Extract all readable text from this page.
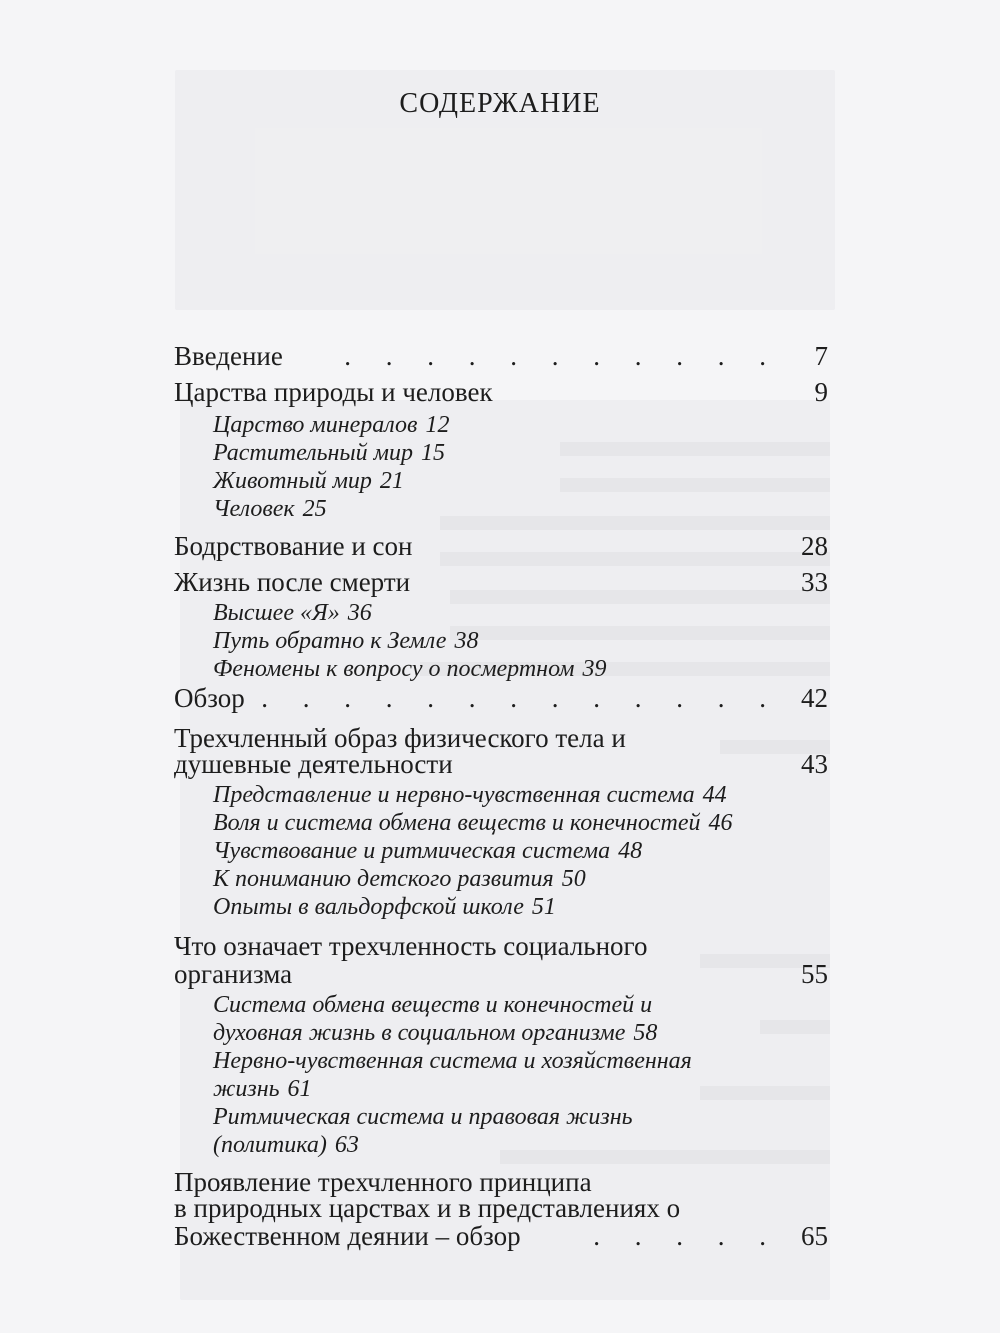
СОДЕРЖАНИЕ
Введение . . . . . . . . . . . 7
Царства природы и человек	9
Царство минералов 12
Растительный мир 15
Животный мир 21
Человек 25
Бодрствование и сон	28
Жизнь после смерти	33
Высшее «Я» 36
Путь обратно к Земле 38
Феномены к вопросу о посмертном 39
Обзор . . . . . . . . . . . . . 42
Трехчленный образ физического тела и
душевные деятельности	43
Представление и нервно-чувственная система 44
Воля и система обмена веществ и конечностей 46
Чувствование и ритмическая система 48
К пониманию детского развития 50
Опыты в вальдорфской школе 51
Что означает трехчленность социального
организма	55
Система обмена веществ и конечностей и
духовная жизнь в социальном организме 58
Нервно-чувственная система и хозяйственная
жизнь 61
Ритмическая система и правовая жизнь
(политика) 63
Проявление трехчленного принципа
в природных царствах и в представлениях о
Божественном деянии – обзор	. . . . . 65
